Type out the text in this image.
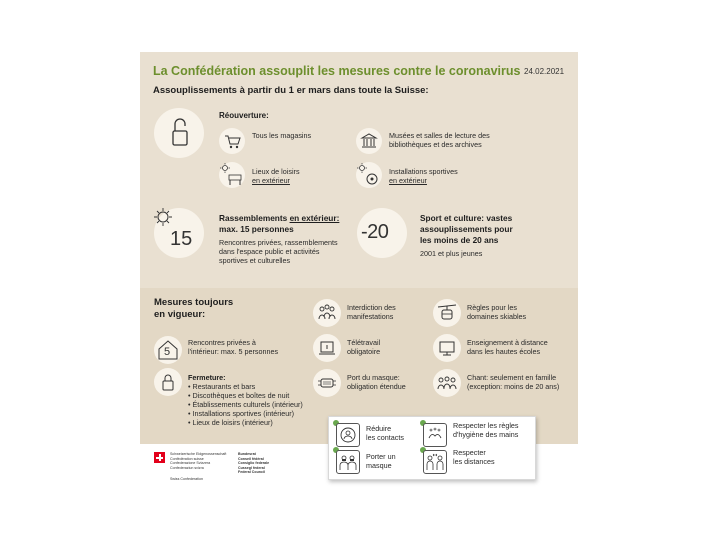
La Confédération assouplit les mesures contre le coronavirus 24.02.2021
Assouplissements à partir du 1 er mars dans toute la Suisse:
Réouverture:
Tous les magasins	Musées et salles de lecture des
bibliothèques et des archives
Lieux de loisirs
en extérieur
Installations sportives
en extérieur
15
Rassemblements en extérieur:
max. 15 personnes
Rencontres privées, rassemblements
dans l'espace public et activités
sportives et culturelles
-20
Sport et culture: vastes
assouplissements pour
les moins de 20 ans
2001 et plus jeunes
Mesures toujours
en vigueur:
5
Rencontres privées à
l'intérieur: max. 5 personnes
Fermeture:
• Restaurants et bars
• Discothèques et boîtes de nuit
• Établissements culturels (intérieur)
• Installations sportives (intérieur)
• Lieux de loisirs (intérieur)
Interdiction des
manifestations
Télétravail
obligatoire
Port du masque:
obligation étendue
Règles pour les
domaines skiables
Enseignement à distance
dans les hautes écoles
Chant: seulement en famille
(exception: moins de 20 ans)
Réduire
les contacts
Respecter les règles
d'hygiène des mains
Porter un
masque
Respecter
les distances
Schweizerische Eidgenossenschaft
Confédération suisse
Confederazione Svizzera
Confederaziun svizra
Bundesrat
Conseil fédéral
Consiglio federale
Cussegl federal
Federal Council
Swiss Confederation
